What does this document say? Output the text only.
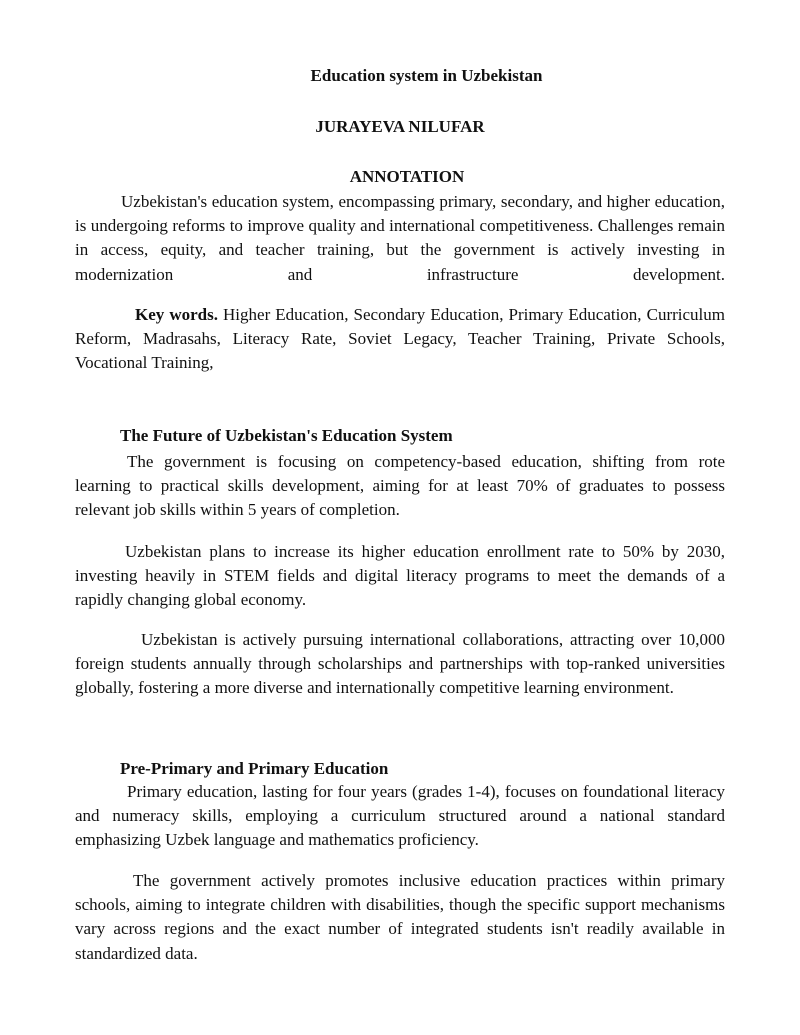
Education system in Uzbekistan
JURAYEVA NILUFAR
ANNOTATION

Uzbekistan's education system, encompassing primary, secondary, and higher education, is undergoing reforms to improve quality and international competitiveness. Challenges remain in access, equity, and teacher training, but the government is actively investing in modernization and infrastructure development.

Key words. Higher Education, Secondary Education, Primary Education, Curriculum Reform, Madrasahs, Literacy Rate, Soviet Legacy, Teacher Training, Private Schools, Vocational Training,

The Future of Uzbekistan's Education System

The government is focusing on competency-based education, shifting from rote learning to practical skills development, aiming for at least 70% of graduates to possess relevant job skills within 5 years of completion.

Uzbekistan plans to increase its higher education enrollment rate to 50% by 2030, investing heavily in STEM fields and digital literacy programs to meet the demands of a rapidly changing global economy.

Uzbekistan is actively pursuing international collaborations, attracting over 10,000 foreign students annually through scholarships and partnerships with top-ranked universities globally, fostering a more diverse and internationally competitive learning environment.

Pre-Primary and Primary Education

Primary education, lasting for four years (grades 1-4), focuses on foundational literacy and numeracy skills, employing a curriculum structured around a national standard emphasizing Uzbek language and mathematics proficiency.

The government actively promotes inclusive education practices within primary schools, aiming to integrate children with disabilities, though the specific support mechanisms vary across regions and the exact number of integrated students isn't readily available in standardized data.
